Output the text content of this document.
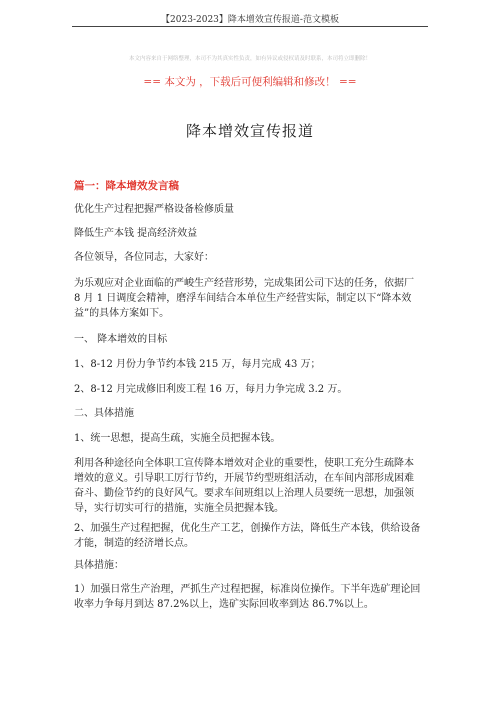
【2023-2023】降本增效宣传报道-范文模板
本文内容来自于网络整理，本司不为其真实性负责，如有异议或侵权请及时联系，本司将立即删除！
== 本文为 ，下载后可便利编辑和修改！ ==
降本增效宣传报道
篇一：降本增效发言稿
优化生产过程把握严格设备检修质量
降低生产本钱 提高经济效益
各位领导，各位同志，大家好：
为乐观应对企业面临的严峻生产经营形势，完成集团公司下达的任务，依据厂
8 月 1 日调度会精神，磨浮车间结合本单位生产经营实际，制定以下“降本效
益”的具体方案如下。
一、 降本增效的目标
1、8-12 月份力争节约本钱 215 万，每月完成 43 万；
2、8-12 月完成修旧利废工程 16 万，每月力争完成 3.2 万。
二、具体措施
1、统一思想，提高生疏，实施全员把握本钱。
利用各种途径向全体职工宣传降本增效对企业的重要性，使职工充分生疏降本
增效的意义。引导职工厉行节约，开展节约型班组活动，在车间内部形成困难
奋斗、勤俭节约的良好风气。要求车间班组以上治理人员要统一思想，加强领
导，实行切实可行的措施，实施全员把握本钱。
2、加强生产过程把握，优化生产工艺，创操作方法，降低生产本钱，供给设备
才能，制造的经济增长点。
具体措施：
1）加强日常生产治理，严抓生产过程把握，标准岗位操作。下半年选矿理论回
收率力争每月到达 87.2%以上，选矿实际回收率到达 86.7%以上。
